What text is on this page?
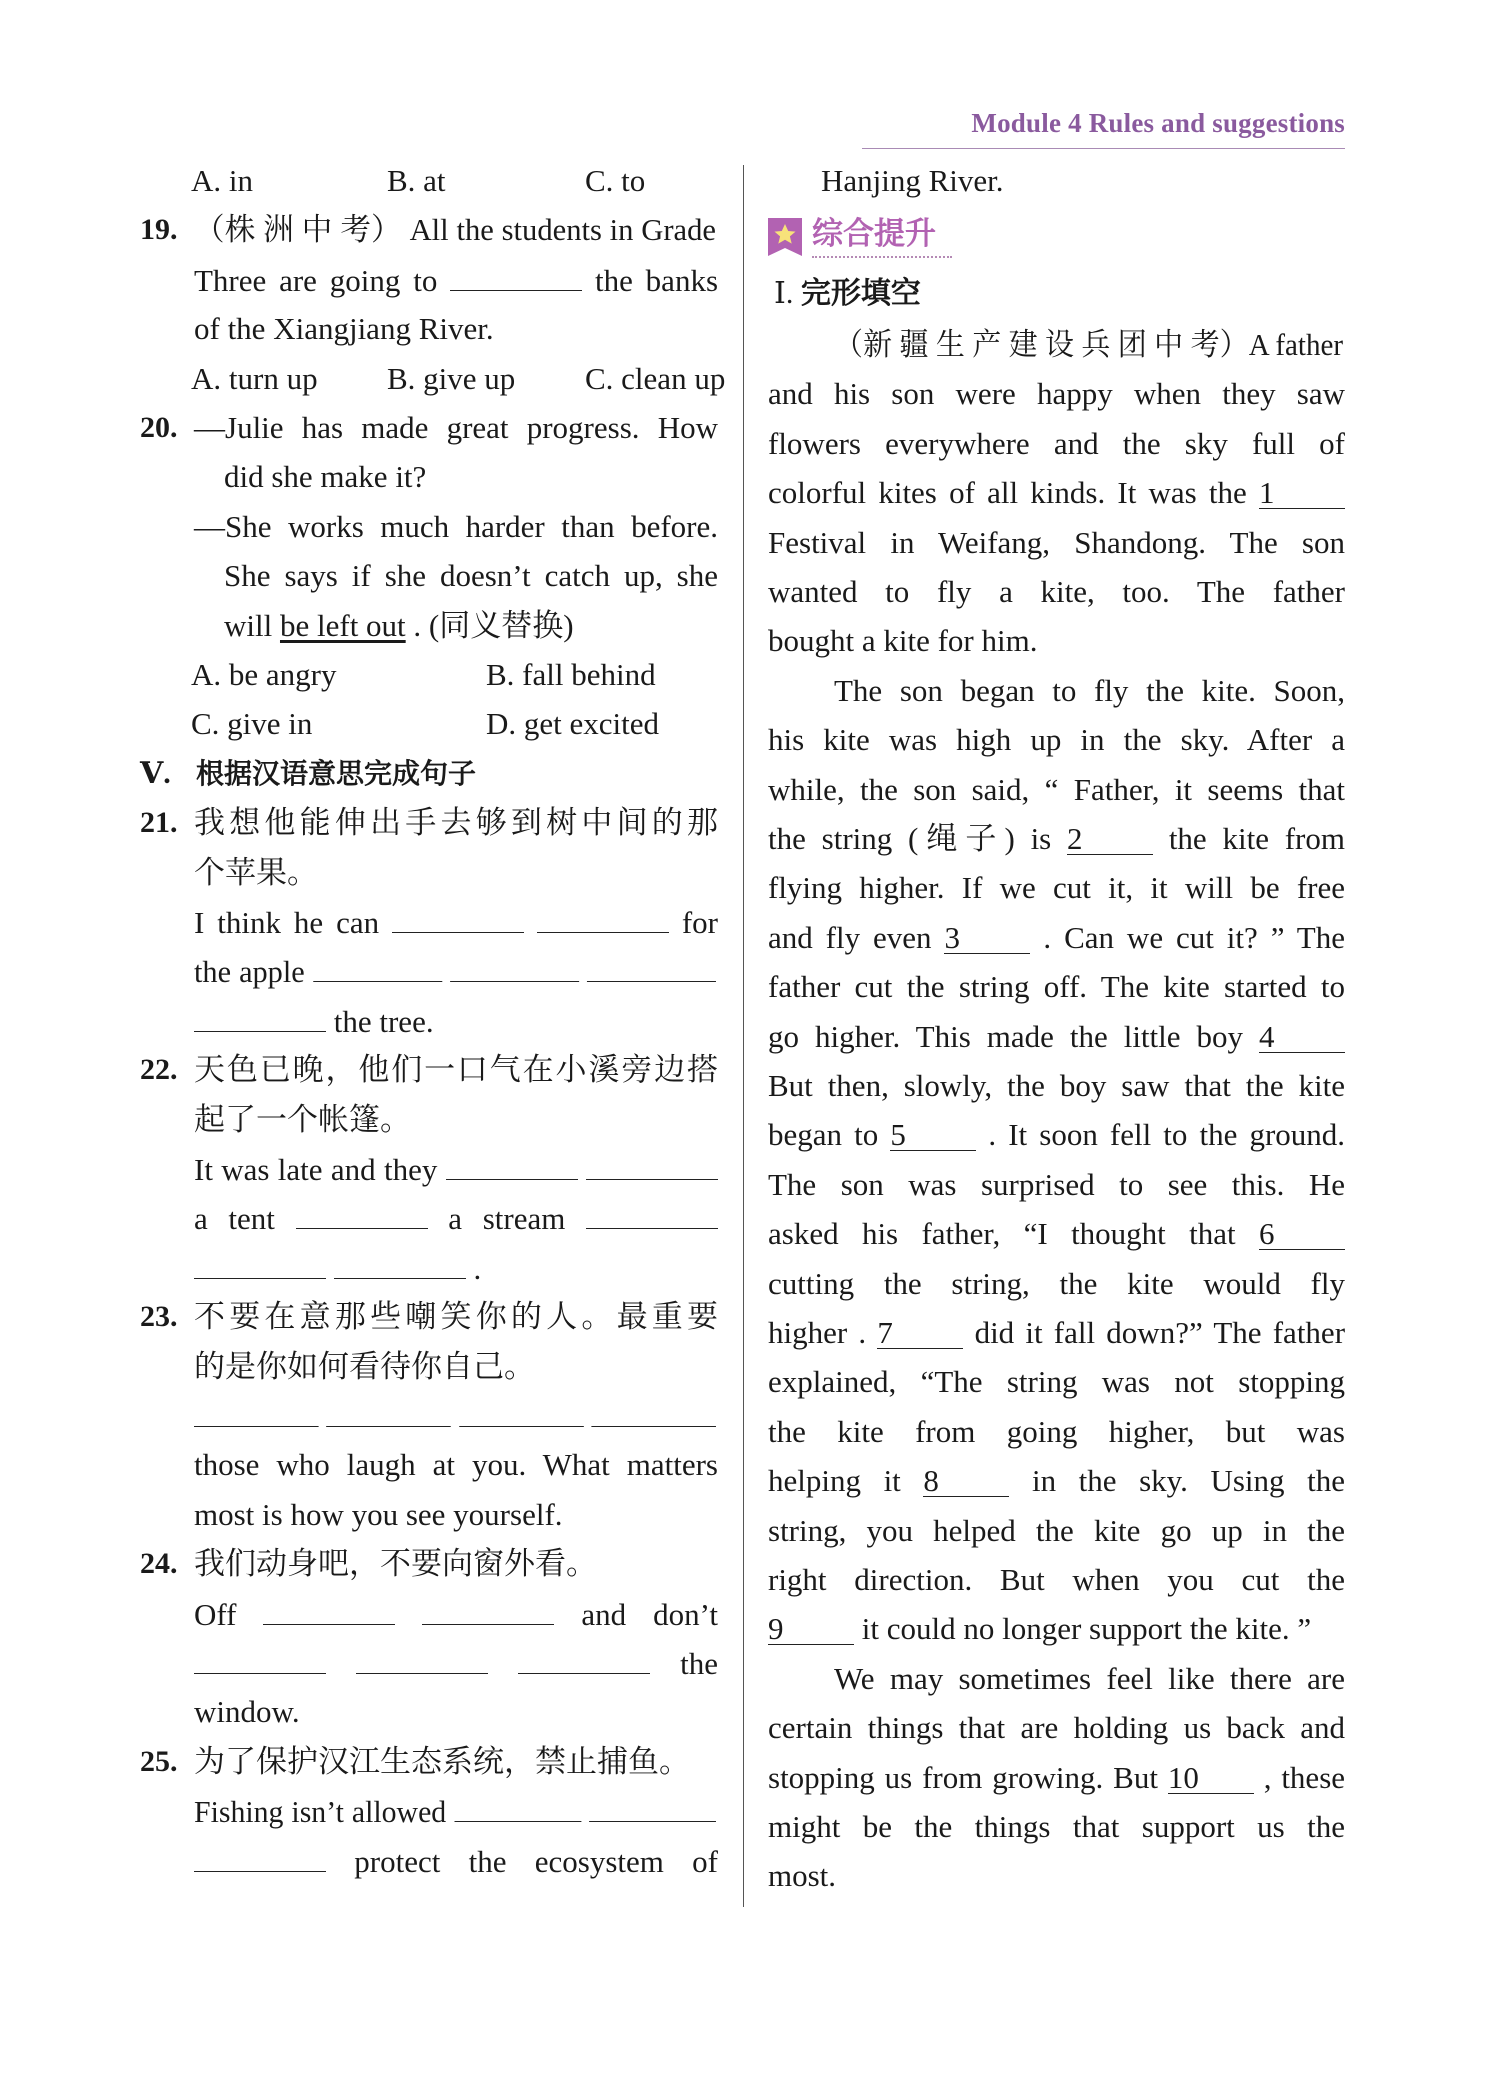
Module 4 Rules and suggestions
A. in	B. at	C. to
19. （株 洲 中 考） All the students in Grade
Three are going to	the banks
of the Xiangjiang River.
A. turn up B. give up C. clean up
20. —Julie has made great progress. How
did she make it?
—She works much harder than before.
She says if she doesn’t catch up, she
will be left out . (同义替换)
A. be angry	B. fall behind
C. give in	D. get excited
Ⅴ. 根据汉语意思完成句子
21. 我想他能伸出手去够到树中间的那
个苹果。
I think he can	for
the apple
the tree.
22. 天色已晚，他们一口气在小溪旁边搭
起了一个帐篷。
It was late and they
a tent	a stream
.
23. 不要在意那些嘲笑你的人。最重要
的是你如何看待你自己。

those who laugh at you. What matters
most is how you see yourself.
24. 我们动身吧，不要向窗外看。
Off	and don’t
the
window.
25. 为了保护汉江生态系统，禁止捕鱼。
Fishing isn’t allowed
protect the ecosystem of
Hanjing River.
综合提升
Ⅰ. 完形填空
（新 疆 生 产 建 设 兵 团 中 考）A father
and his son were happy when they saw
flowers everywhere and the sky full of
colorful kites of all kinds. It was the 1
Festival in Weifang, Shandong. The son
wanted to fly a kite, too. The father
bought a kite for him.
The son began to fly the kite. Soon,
his kite was high up in the sky. After a
while, the son said, “ Father, it seems that
the string (绳子) is 2	the kite from
flying higher. If we cut it, it will be free
and fly even 3	. Can we cut it? ” The
father cut the string off. The kite started to
go higher. This made the little boy 4
But then, slowly, the boy saw that the kite
began to 5	. It soon fell to the ground.
The son was surprised to see this. He
asked his father, “I thought that 6
cutting the string, the kite would fly
higher . 7	did it fall down?” The father
explained, “The string was not stopping
the kite from going higher, but was
helping it 8	in the sky. Using the
string, you helped the kite go up in the
right direction. But when you cut the
9	it could no longer support the kite. ”
We may sometimes feel like there are
certain things that are holding us back and
stopping us from growing. But 10 , these
might be the things that support us the
most.
